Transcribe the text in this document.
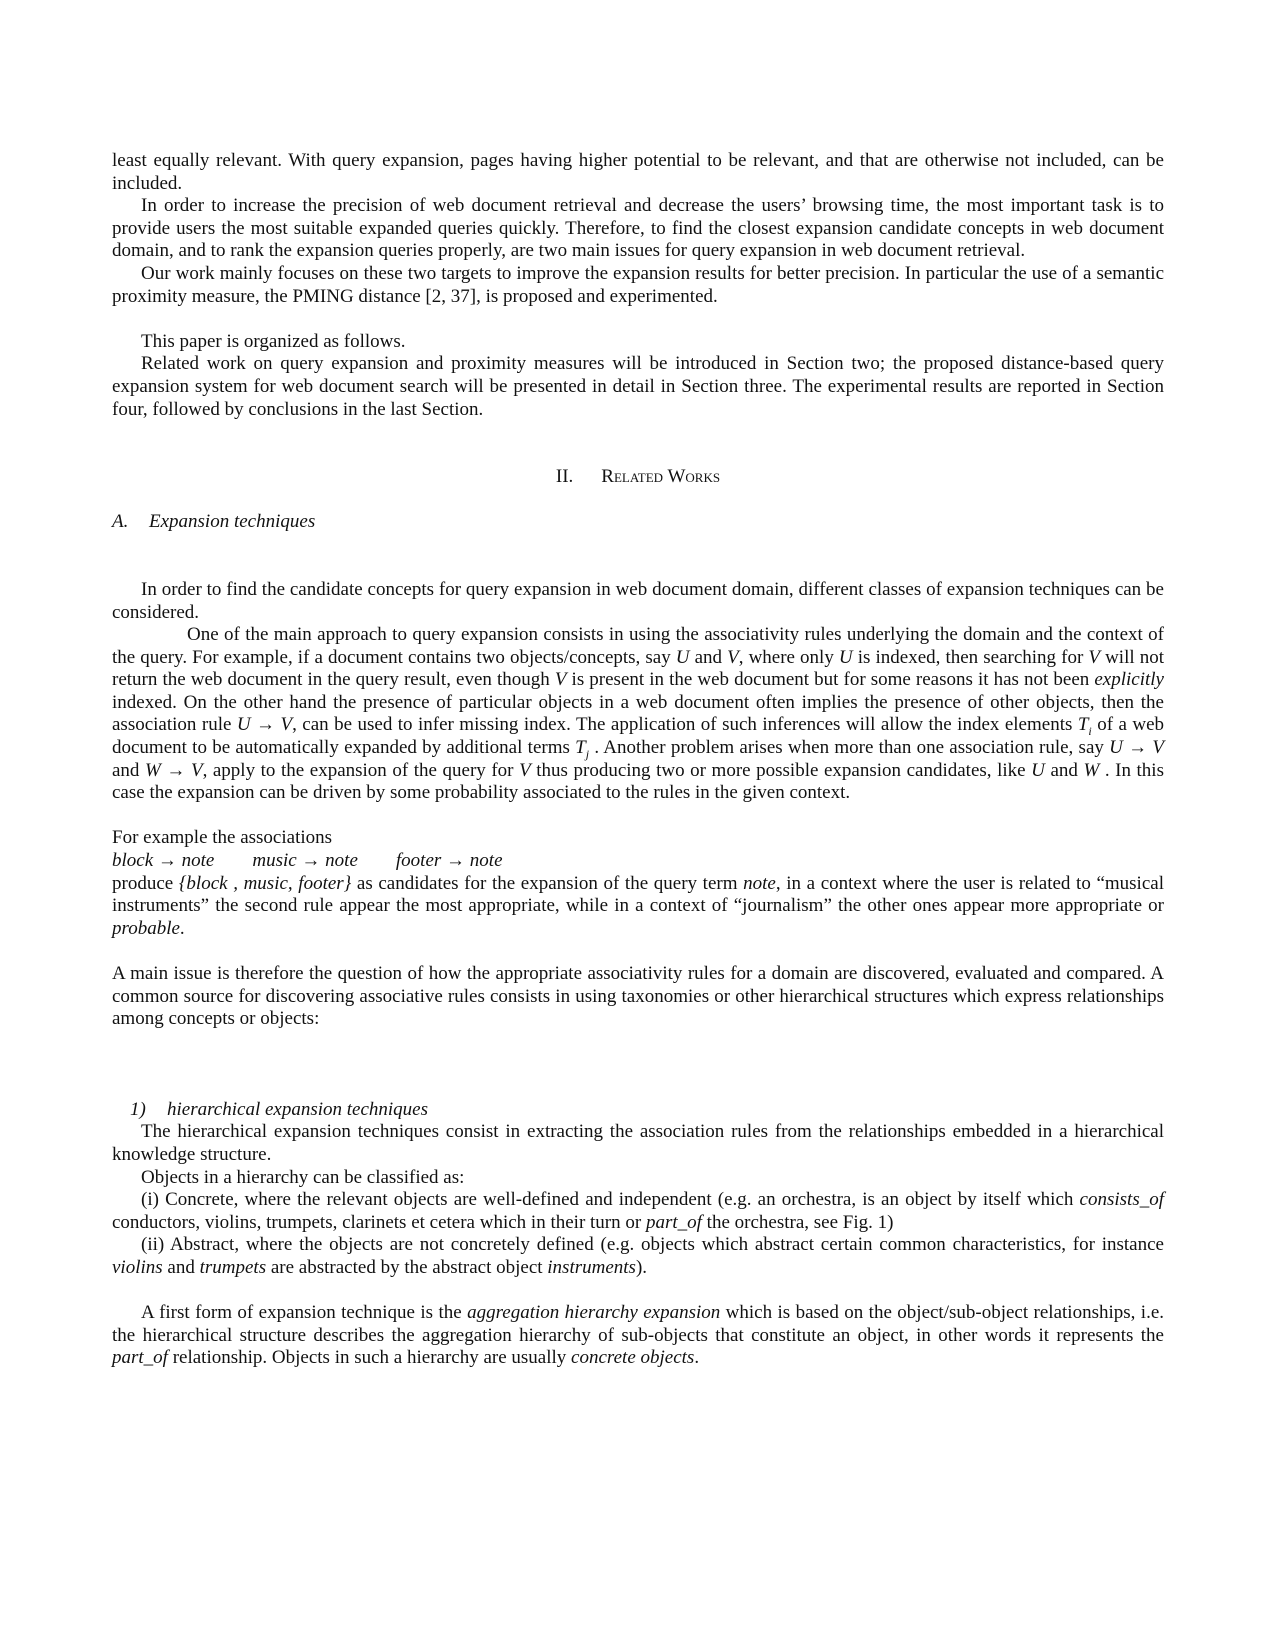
least equally relevant. With query expansion, pages having higher potential to be relevant, and that are otherwise not included, can be included.

In order to increase the precision of web document retrieval and decrease the users’ browsing time, the most important task is to provide users the most suitable expanded queries quickly. Therefore, to find the closest expansion candidate concepts in web document domain, and to rank the expansion queries properly, are two main issues for query expansion in web document retrieval.

Our work mainly focuses on these two targets to improve the expansion results for better precision. In particular the use of a semantic proximity measure, the PMING distance [2, 37], is proposed and experimented.

This paper is organized as follows.

Related work on query expansion and proximity measures will be introduced in Section two; the proposed distance-based query expansion system for web document search will be presented in detail in Section three. The experimental results are reported in Section four, followed by conclusions in the last Section.

II. Related Works

A. Expansion techniques

In order to find the candidate concepts for query expansion in web document domain, different classes of expansion techniques can be considered.

One of the main approach to query expansion consists in using the associativity rules underlying the domain and the context of the query. For example, if a document contains two objects/concepts, say U and V, where only U is indexed, then searching for V will not return the web document in the query result, even though V is present in the web document but for some reasons it has not been explicitly indexed. On the other hand the presence of particular objects in a web document often implies the presence of other objects, then the association rule U → V, can be used to infer missing index. The application of such inferences will allow the index elements $T_i$ of a web document to be automatically expanded by additional terms $T_j$ . Another problem arises when more than one association rule, say U → V and W → V, apply to the expansion of the query for V thus producing two or more possible expansion candidates, like U and W . In this case the expansion can be driven by some probability associated to the rules in the given context.

For example the associations

block → note music → note footer → note

produce {block , music, footer} as candidates for the expansion of the query term note, in a context where the user is related to “musical instruments” the second rule appear the most appropriate, while in a context of “journalism” the other ones appear more appropriate or probable.

A main issue is therefore the question of how the appropriate associativity rules for a domain are discovered, evaluated and compared. A common source for discovering associative rules consists in using taxonomies or other hierarchical structures which express relationships among concepts or objects:

1) hierarchical expansion techniques

The hierarchical expansion techniques consist in extracting the association rules from the relationships embedded in a hierarchical knowledge structure.

Objects in a hierarchy can be classified as:

(i) Concrete, where the relevant objects are well-defined and independent (e.g. an orchestra, is an object by itself which consists_of conductors, violins, trumpets, clarinets et cetera which in their turn or part_of the orchestra, see Fig. 1)

(ii) Abstract, where the objects are not concretely defined (e.g. objects which abstract certain common characteristics, for instance violins and trumpets are abstracted by the abstract object instruments).

A first form of expansion technique is the aggregation hierarchy expansion which is based on the object/sub-object relationships, i.e. the hierarchical structure describes the aggregation hierarchy of sub-objects that constitute an object, in other words it represents the part_of relationship. Objects in such a hierarchy are usually concrete objects.
